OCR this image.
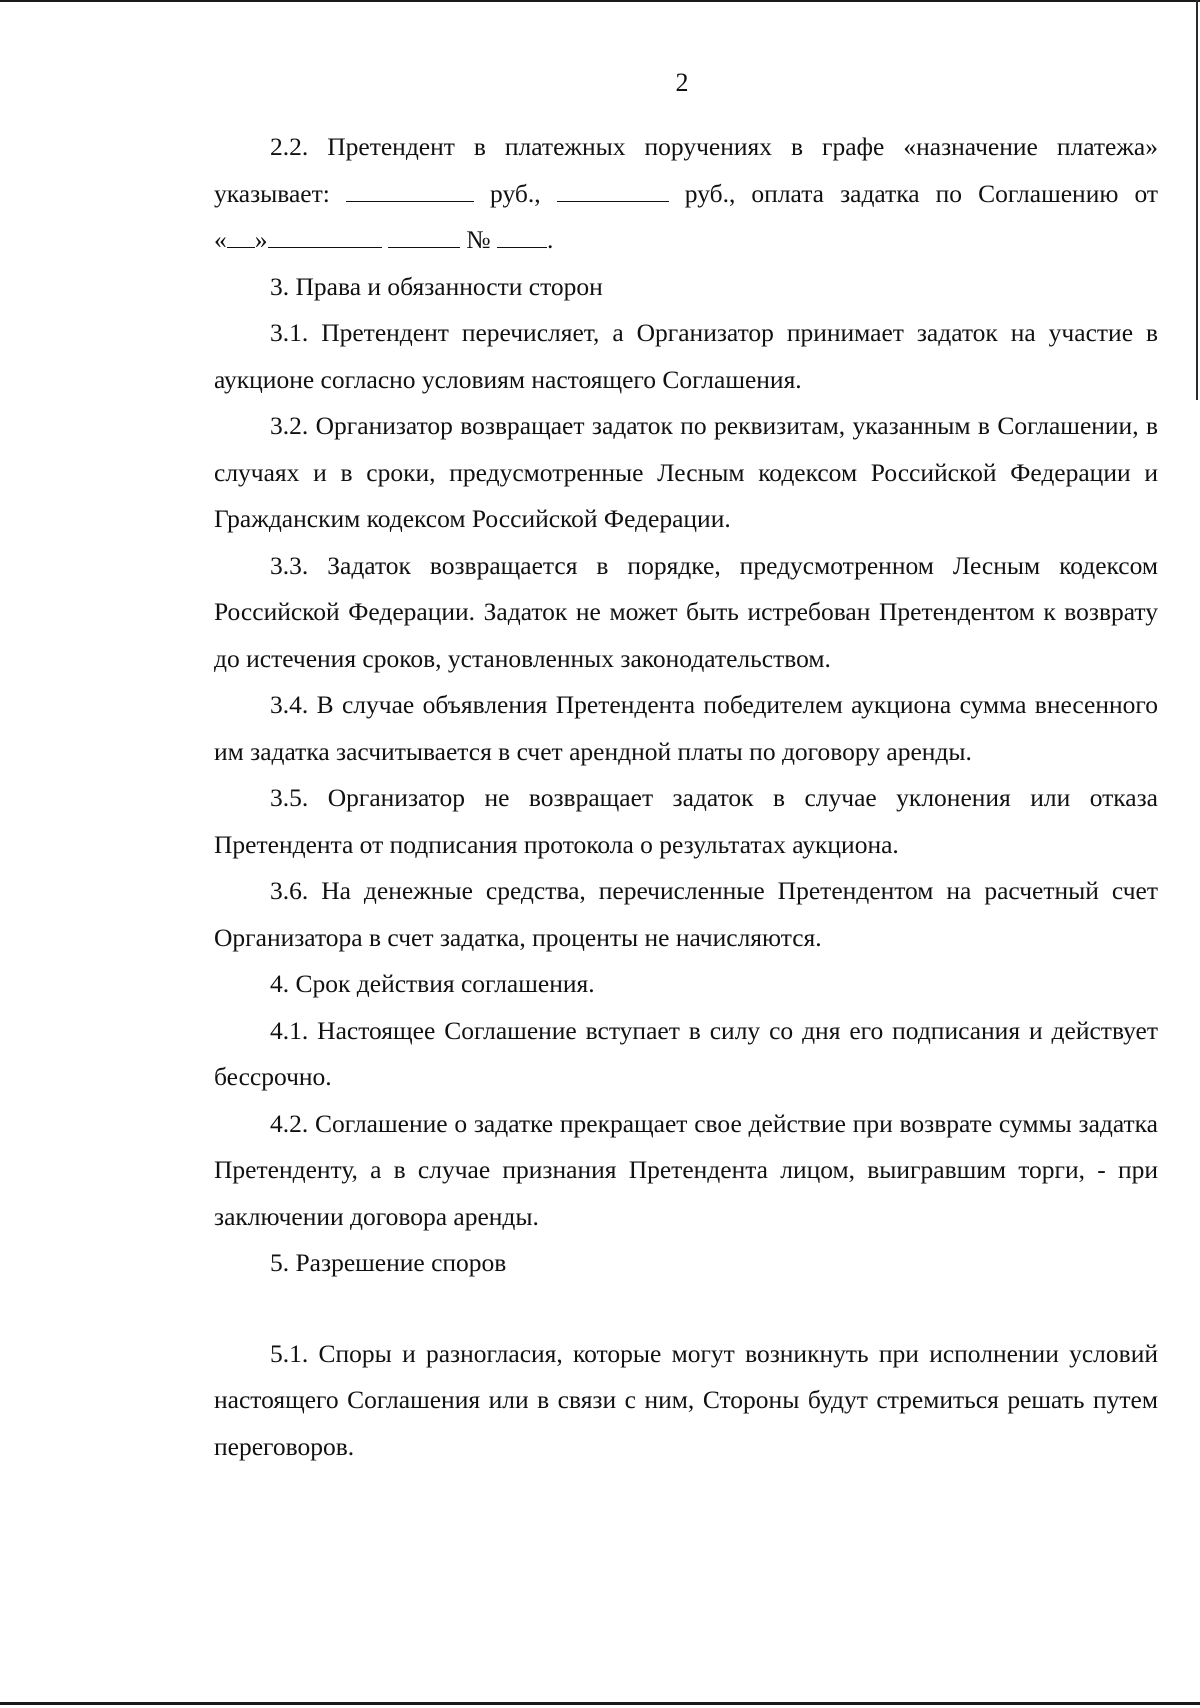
2

2.2. Претендент в платежных поручениях в графе «назначение платежа»

указывает:	руб.,	руб., оплата задатка по Соглашению от

« »	№ .

3. Права и обязанности сторон

3.1. Претендент перечисляет, а Организатор принимает задаток на участие в аукционе согласно условиям настоящего Соглашения.

3.2. Организатор возвращает задаток по реквизитам, указанным в Соглашении, в случаях и в сроки, предусмотренные Лесным кодексом Российской Федерации и Гражданским кодексом Российской Федерации.

3.3. Задаток возвращается в порядке, предусмотренном Лесным кодексом Российской Федерации. Задаток не может быть истребован Претендентом к возврату до истечения сроков, установленных законодательством.

3.4. В случае объявления Претендента победителем аукциона сумма внесенного им задатка засчитывается в счет арендной платы по договору аренды.

3.5. Организатор не возвращает задаток в случае уклонения или отказа Претендента от подписания протокола о результатах аукциона.

3.6. На денежные средства, перечисленные Претендентом на расчетный счет Организатора в счет задатка, проценты не начисляются.

4. Срок действия соглашения.

4.1. Настоящее Соглашение вступает в силу со дня его подписания и действует бессрочно.

4.2. Соглашение о задатке прекращает свое действие при возврате суммы задатка Претенденту, а в случае признания Претендента лицом, выигравшим торги, - при заключении договора аренды.

5. Разрешение споров

5.1. Споры и разногласия, которые могут возникнуть при исполнении условий настоящего Соглашения или в связи с ним, Стороны будут стремиться решать путем переговоров.
